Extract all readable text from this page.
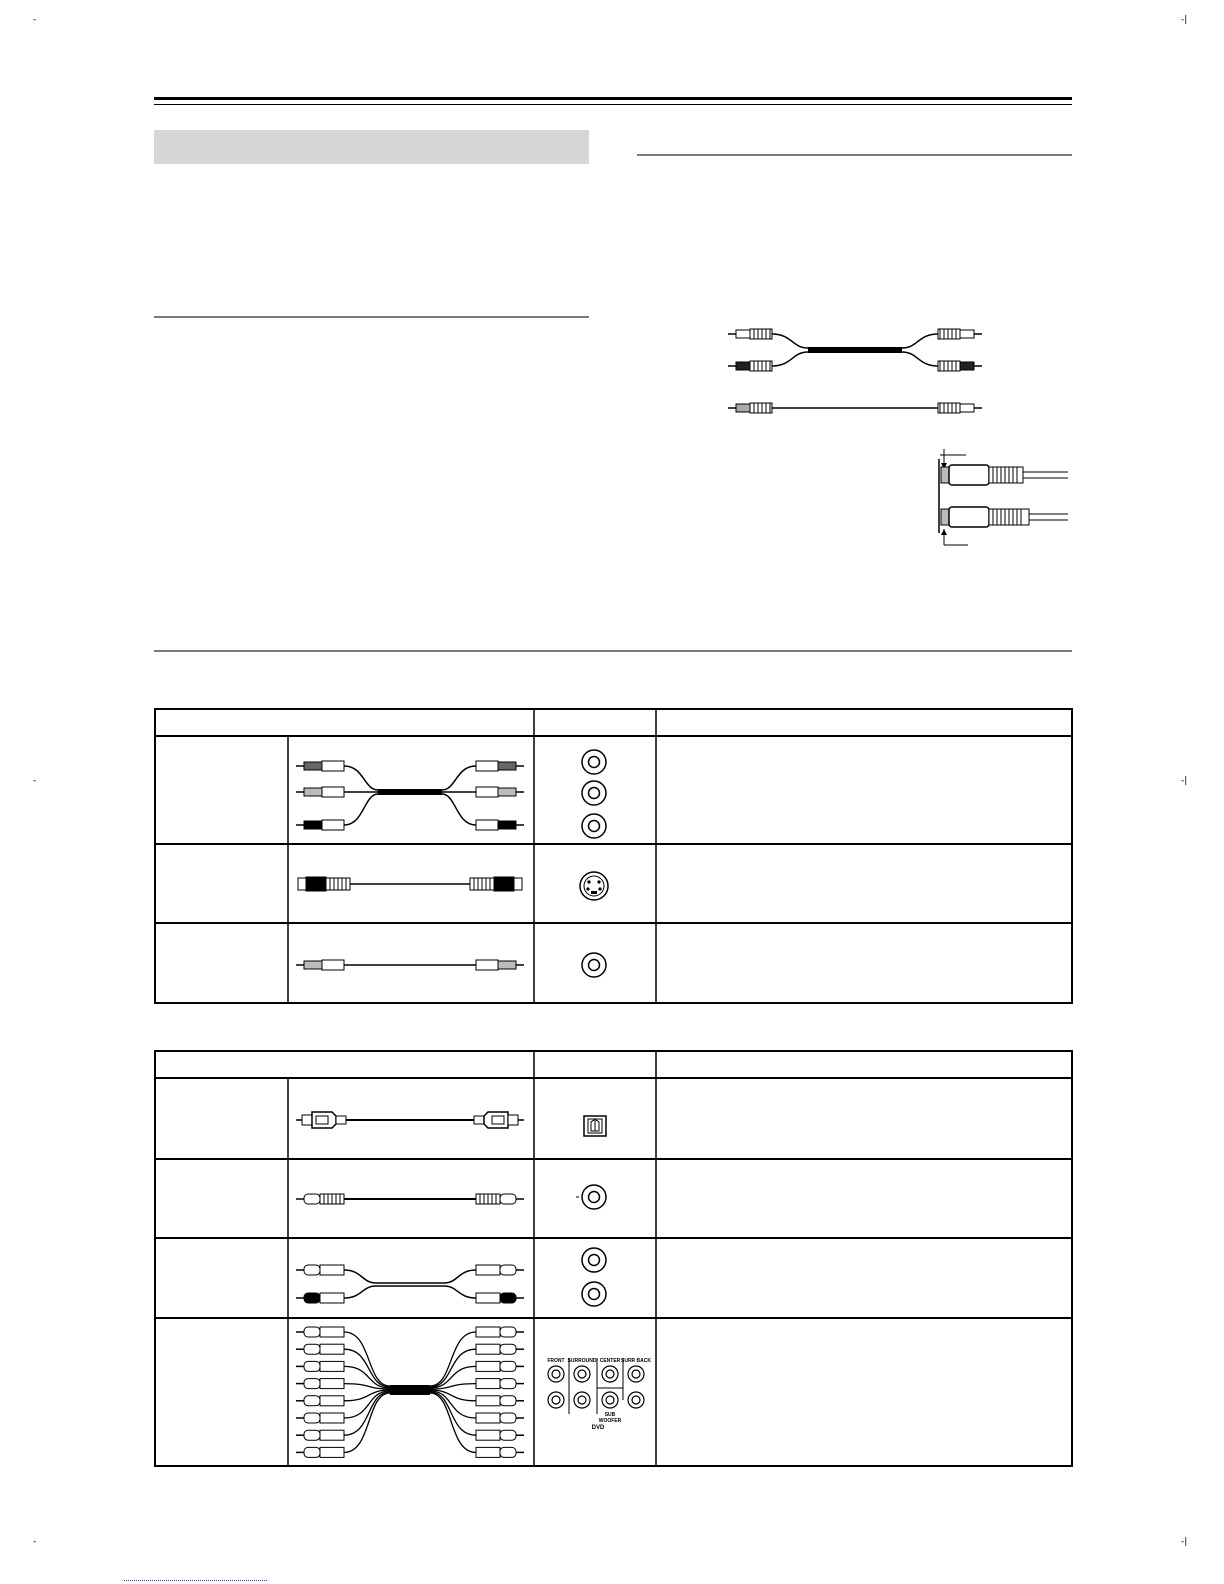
-	-|
-	-|
-	-|
FRONT SURROUND CENTER SURR BACK
SUB
WOOFER
DVD
